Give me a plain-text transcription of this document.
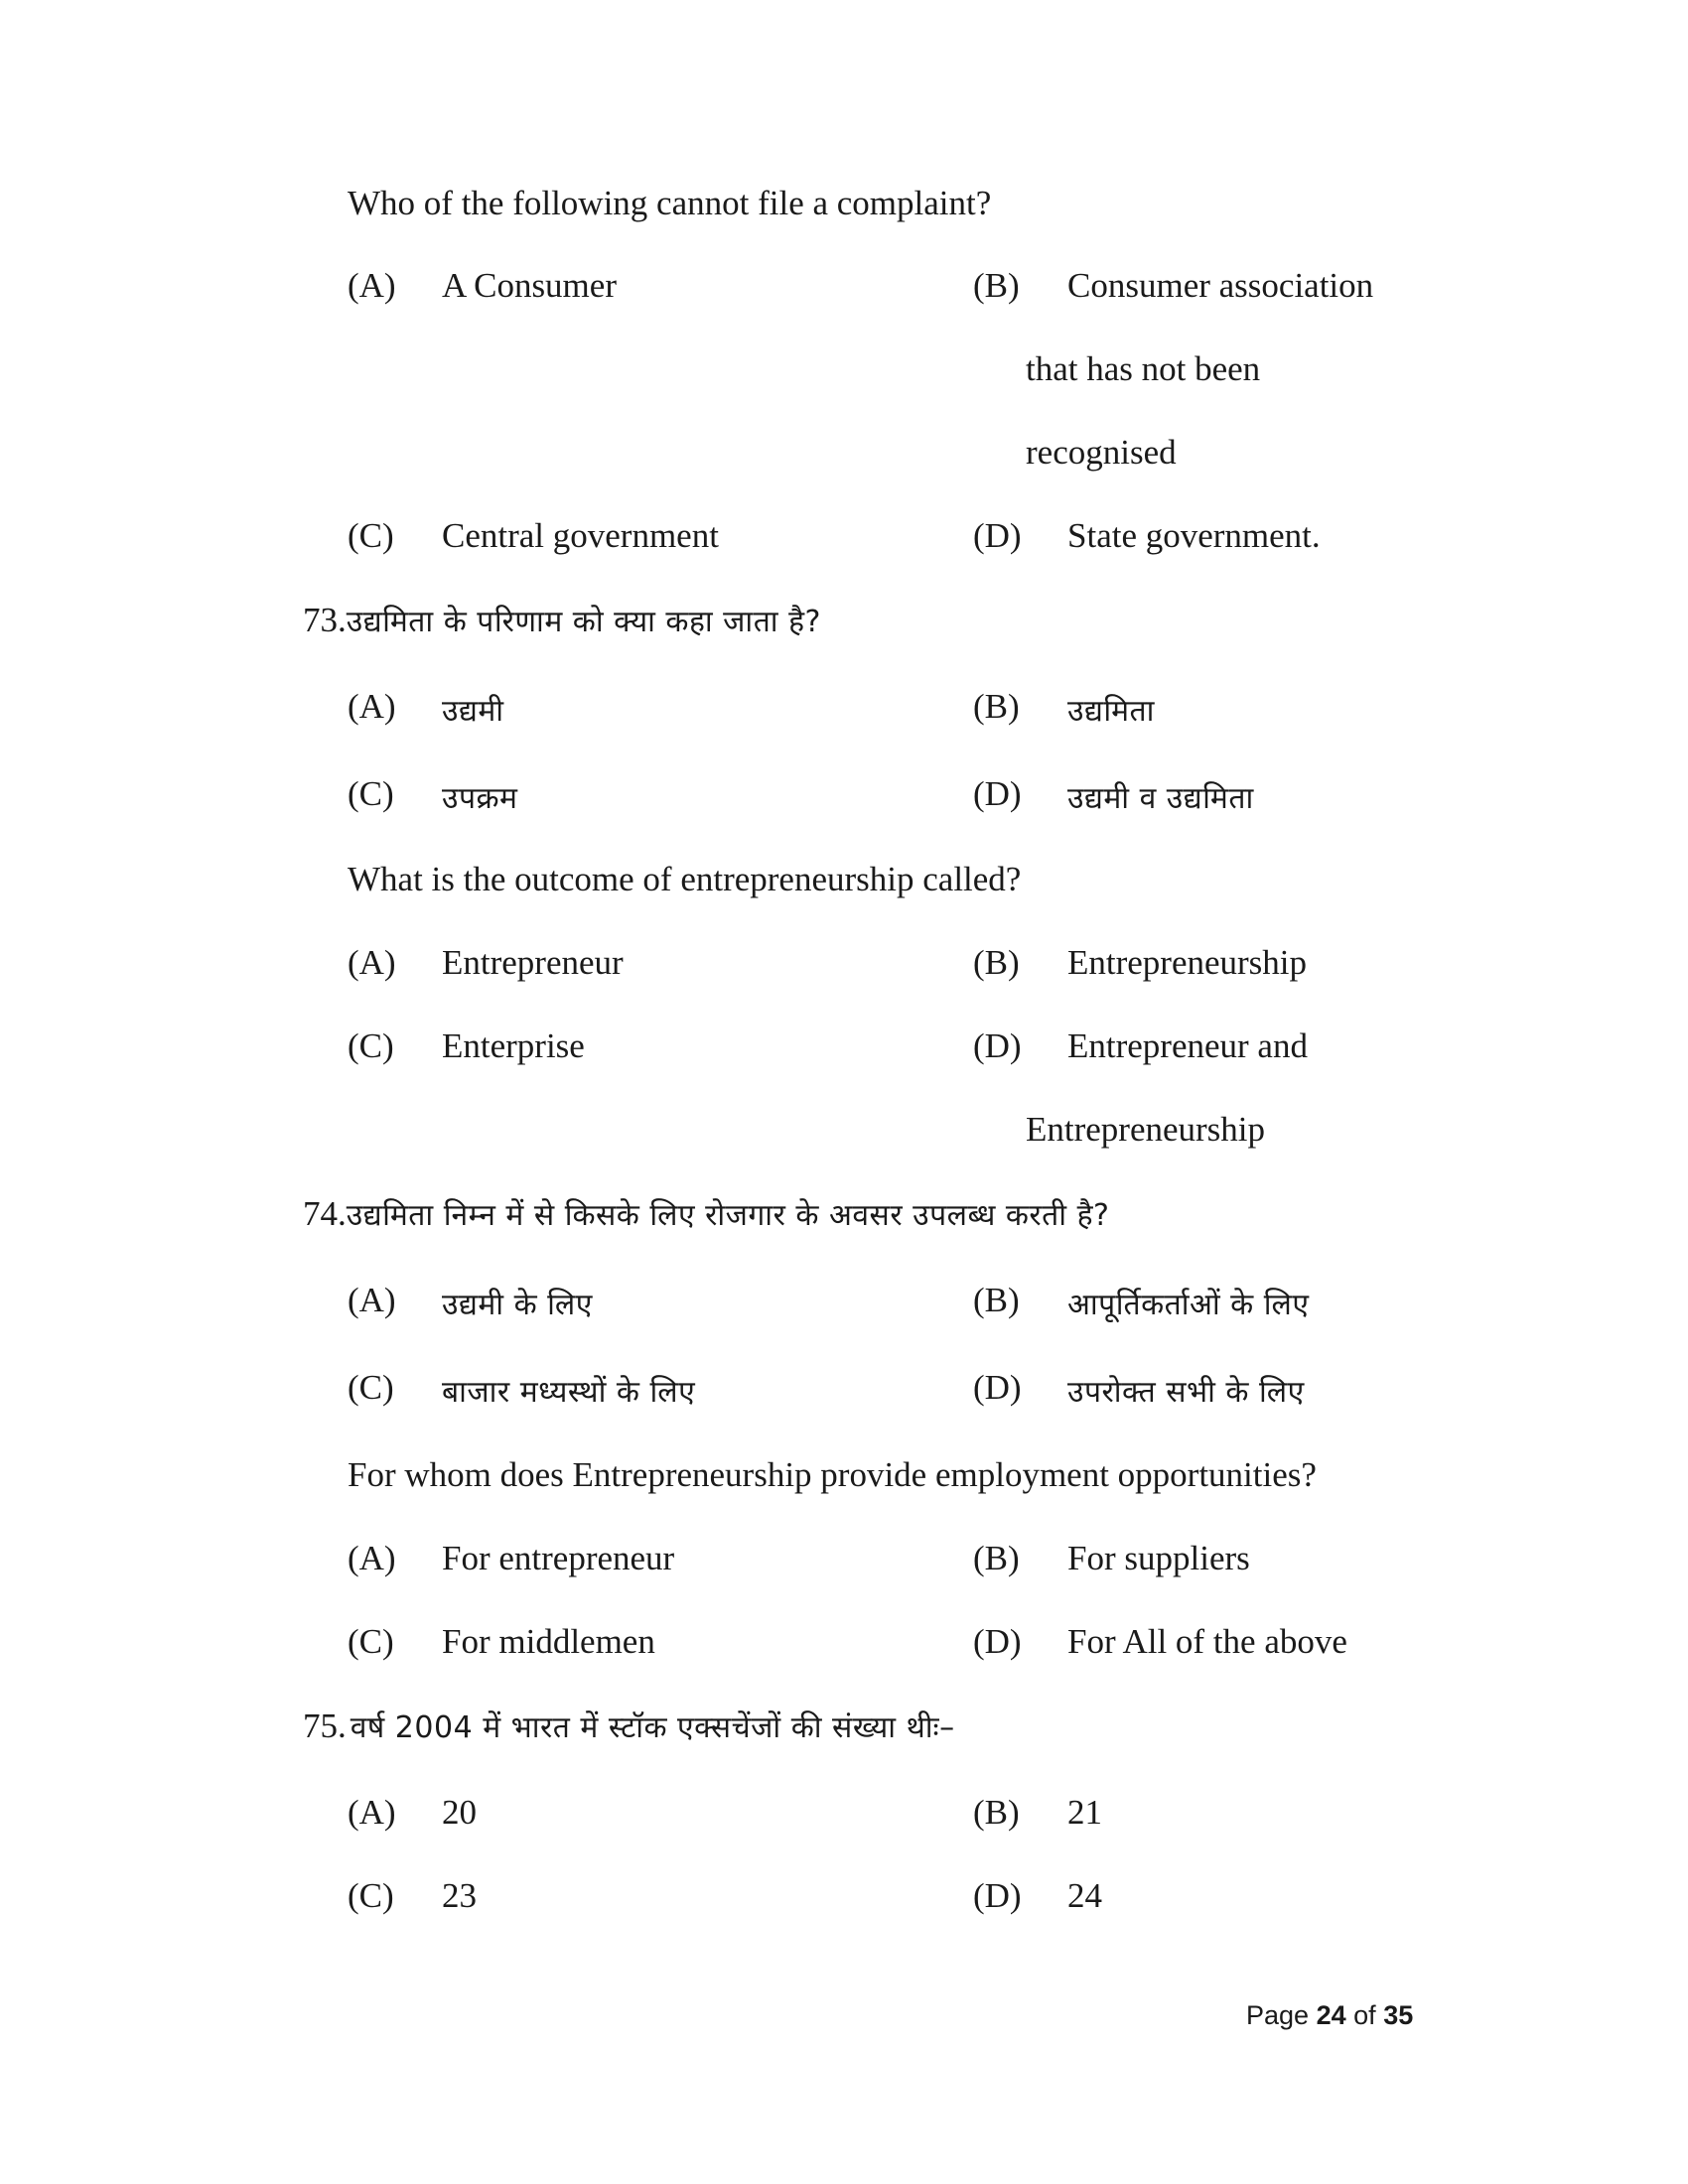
Who of the following cannot file a complaint?
(A) A Consumer	(B) Consumer association
that has not been
recognised
(C) Central government	(D) State government.
73.उद्यमिता के परिणाम को क्या कहा जाता है?
(A) उद्यमी	(B) उद्यमिता
(C) उपक्रम	(D) उद्यमी व उद्यमिता
What is the outcome of entrepreneurship called?
(A) Entrepreneur	(B) Entrepreneurship
(C) Enterprise	(D) Entrepreneur and
Entrepreneurship
74.उद्यमिता निम्न में से किसके लिए रोजगार के अवसर उपलब्ध करती है?
(A) उद्यमी के लिए	(B) आपूर्तिकर्ताओं के लिए
(C) बाजार मध्यस्थों के लिए	(D) उपरोक्त सभी के लिए
For whom does Entrepreneurship provide employment opportunities?
(A) For entrepreneur	(B) For suppliers
(C) For middlemen	(D) For All of the above
75. वर्ष 2004 में भारत में स्टॉक एक्सचेंजों की संख्या थीः–
(A) 20	(B) 21
(C) 23	(D) 24
Page 24 of 35
